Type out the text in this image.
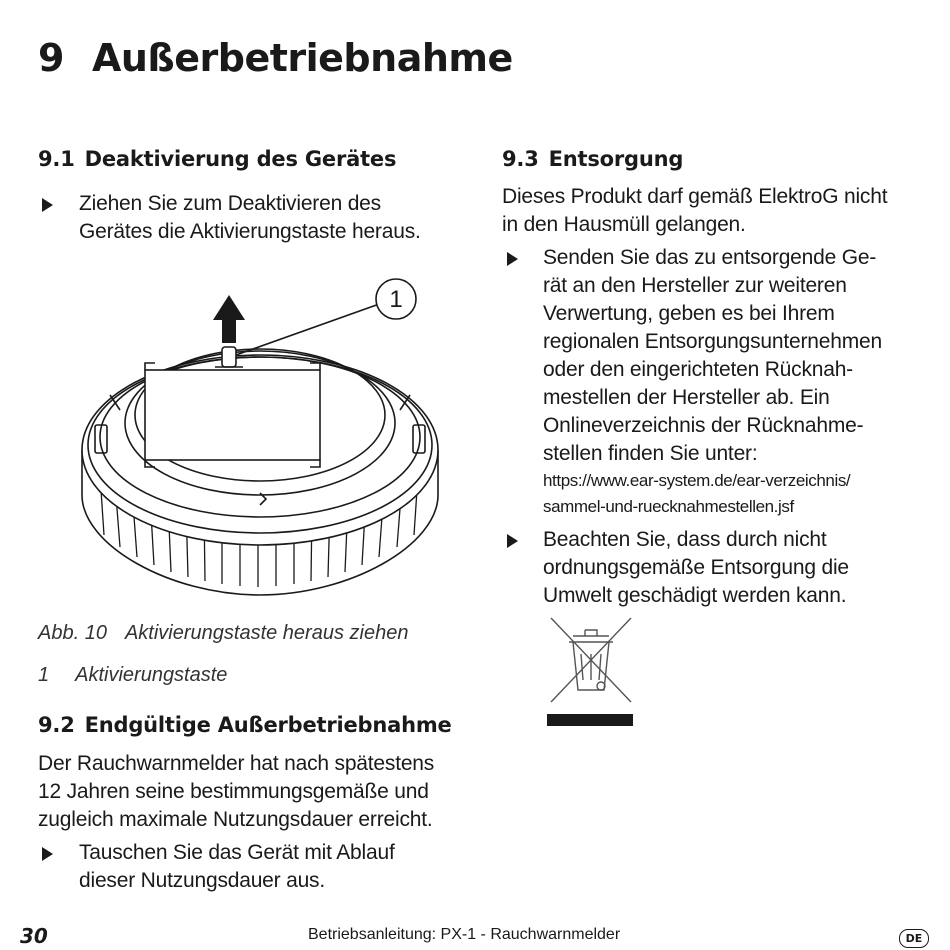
9 Außerbetriebnahme
9.1 Deaktivierung des Gerätes
Ziehen Sie zum Deaktivieren des
Gerätes die Aktivierungstaste heraus.
1
Abb. 10 Aktivierungstaste heraus ziehen
1 Aktivierungstaste
9.2 Endgültige Außerbetriebnahme
Der Rauchwarnmelder hat nach spätestens
12 Jahren seine bestimmungsgemäße und
zugleich maximale Nutzungsdauer erreicht.
Tauschen Sie das Gerät mit Ablauf
dieser Nutzungsdauer aus.
9.3 Entsorgung
Dieses Produkt darf gemäß ElektroG nicht
in den Hausmüll gelangen.
Senden Sie das zu entsorgende Ge-
rät an den Hersteller zur weiteren
Verwertung, geben es bei Ihrem
regionalen Entsorgungsunternehmen
oder den eingerichteten Rücknah-
mestellen der Hersteller ab. Ein
Onlineverzeichnis der Rücknahme-
stellen finden Sie unter:
https://www.ear-system.de/ear-verzeichnis/
sammel-und-ruecknahmestellen.jsf
Beachten Sie, dass durch nicht
ordnungsgemäße Entsorgung die
Umwelt geschädigt werden kann.
30	Betriebsanleitung: PX-1 - Rauchwarnmelder	DE
